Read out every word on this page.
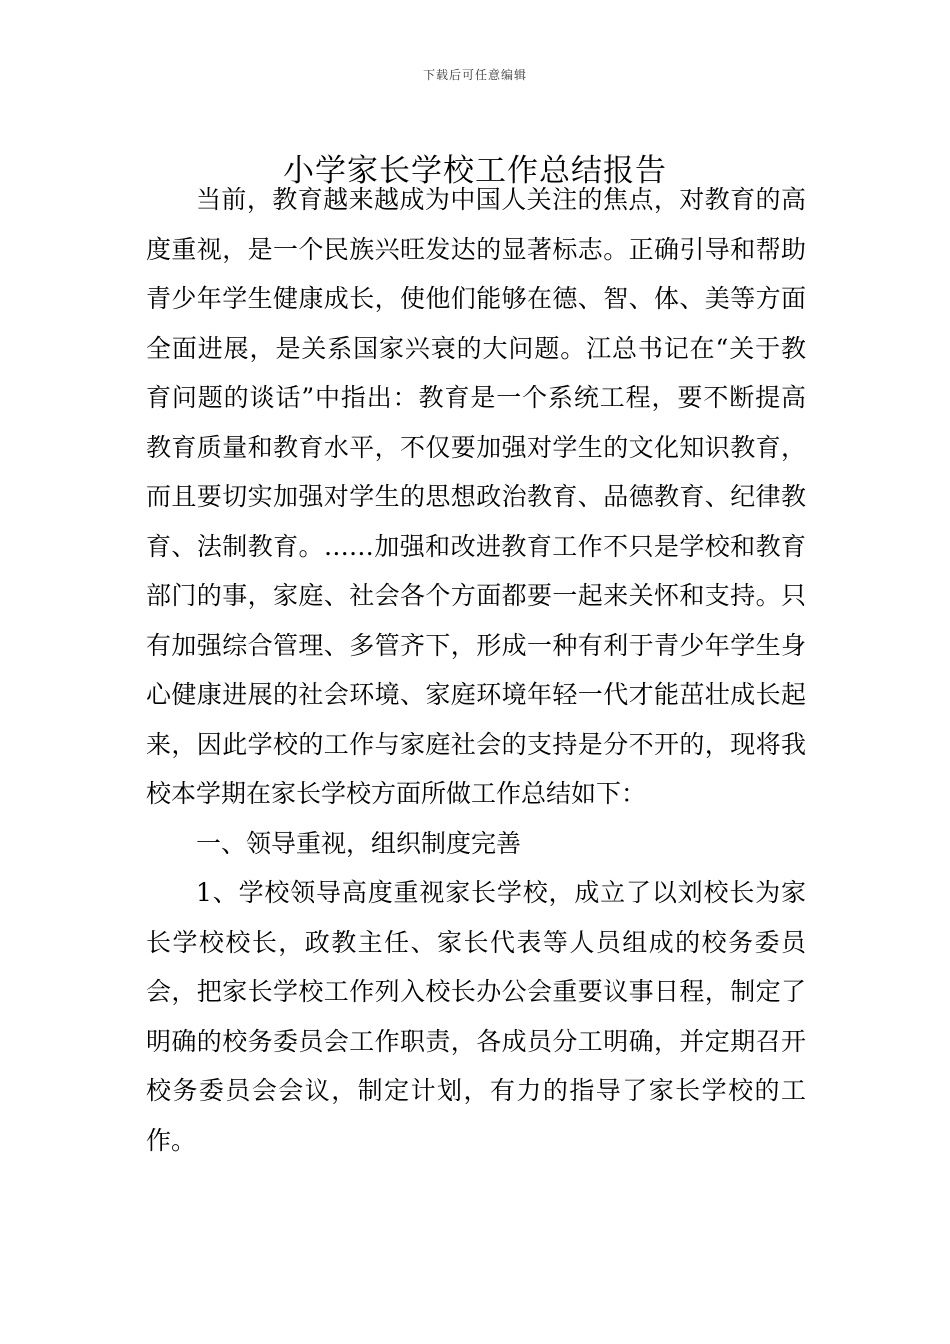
下载后可任意编辑
小学家长学校工作总结报告

当前，教育越来越成为中国人关注的焦点，对教育的高度重视，是一个民族兴旺发达的显著标志。正确引导和帮助青少年学生健康成长，使他们能够在德、智、体、美等方面全面进展，是关系国家兴衰的大问题。江总书记在“关于教育问题的谈话”中指出：教育是一个系统工程，要不断提高教育质量和教育水平，不仅要加强对学生的文化知识教育，而且要切实加强对学生的思想政治教育、品德教育、纪律教育、法制教育。……加强和改进教育工作不只是学校和教育部门的事，家庭、社会各个方面都要一起来关怀和支持。只有加强综合管理、多管齐下，形成一种有利于青少年学生身心健康进展的社会环境、家庭环境年轻一代才能茁壮成长起来，因此学校的工作与家庭社会的支持是分不开的，现将我校本学期在家长学校方面所做工作总结如下：

一、领导重视，组织制度完善

1、学校领导高度重视家长学校，成立了以刘校长为家长学校校长，政教主任、家长代表等人员组成的校务委员会，把家长学校工作列入校长办公会重要议事日程，制定了明确的校务委员会工作职责，各成员分工明确，并定期召开校务委员会会议，制定计划，有力的指导了家长学校的工作。
